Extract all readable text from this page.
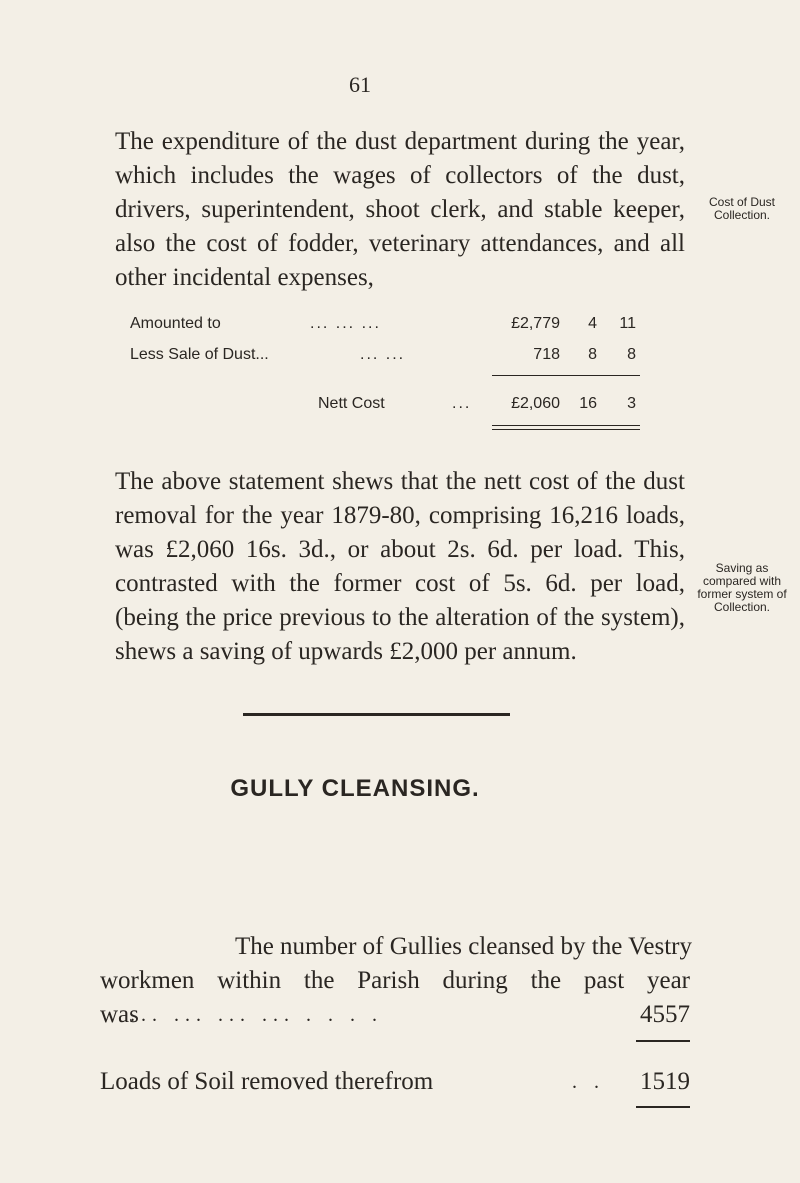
61
The expenditure of the dust department during the year, which includes the wages of collectors of the dust, drivers, superintendent, shoot clerk, and stable keeper, also the cost of fodder, veterinary attendances, and all other incidental expenses,
Cost of Dust Collection.
Amounted to	... ... ...	£2,779	4	11
Less Sale of Dust...	... ...	718	8	8
Nett Cost	...	£2,060	16	3
The above statement shews that the nett cost of the dust removal for the year 1879-80, comprising 16,216 loads, was £2,060 16s. 3d., or about 2s. 6d. per load. This, contrasted with the former cost of 5s. 6d. per load, (being the price previous to the alteration of the system), shews a saving of upwards £2,000 per annum.
Saving as compared with former system of Collection.
GULLY CLEANSING.
The number of Gullies cleansed by the Vestry
workmen within the Parish during the past year
was
... ... ... ... . . . .	4557
Loads of Soil removed therefrom	. . 1519
